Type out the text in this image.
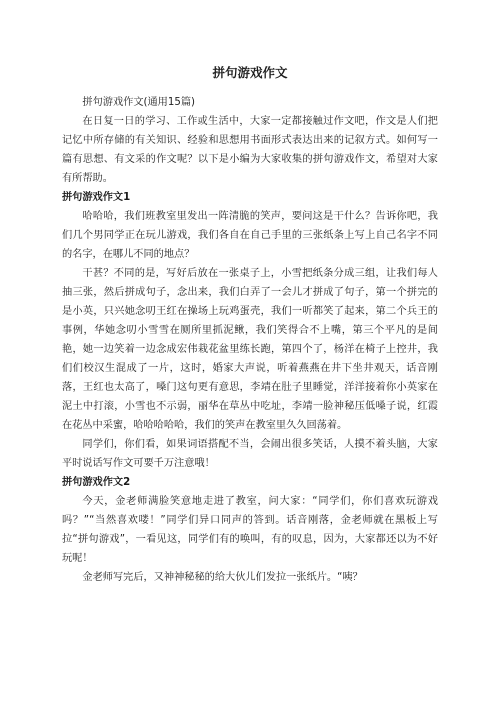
拼句游戏作文

拼句游戏作文(通用15篇)

在日复一日的学习、工作或生活中，大家一定都接触过作文吧，作文是人们把记忆中所存储的有关知识、经验和思想用书面形式表达出来的记叙方式。如何写一篇有思想、有文采的作文呢？以下是小编为大家收集的拼句游戏作文，希望对大家有所帮助。

拼句游戏作文1

哈哈哈，我们班教室里发出一阵清脆的笑声，要问这是干什么？告诉你吧，我们几个男同学正在玩儿游戏，我们各自在自己手里的三张纸条上写上自己名字不同的名字，在哪儿不同的地点？

干甚？不同的是，写好后放在一张桌子上，小雪把纸条分成三组，让我们每人抽三张，然后拼成句子，念出来，我们白弄了一会儿才拼成了句子，第一个拼完的是小英，只兴她念叨王红在操场上玩鸡蛋壳，我们一听都笑了起来，第二个兵王的事例，华她念叨小雪雪在厕所里抓泥鳅，我们笑得合不上嘴，第三个平凡的是间艳，她一边笑着一边念成宏伟栽花盆里练长跑，第四个了，杨洋在椅子上控井，我们们校汉生混成了一片，这时，婚家大声说，听着燕燕在井下坐井观天，话音刚落，王红也太高了，嗓门这句更有意思，李靖在肚子里睡觉，洋洋接着你小英家在泥土中打滚，小雪也不示弱，丽华在草丛中吃址，李靖一脸神秘压低嗓子说，红霞在花丛中采蜜，哈哈哈哈哈，我们的笑声在教室里久久回荡着。

同学们，你们看，如果词语搭配不当，会闹出很多笑话，人摸不着头脑，大家平时说话写作文可要千万注意哦！

拼句游戏作文2

今天，金老师满脸笑意地走进了教室，问大家：“同学们，你们喜欢玩游戏吗？”“当然喜欢喽！”同学们异口同声的答到。话音刚落，金老师就在黑板上写拉“拼句游戏”，一看见这，同学们有的唤叫，有的叹息，因为，大家都还以为不好玩呢！

金老师写完后，又神神秘秘的给大伙儿们发拉一张纸片。“咦？
